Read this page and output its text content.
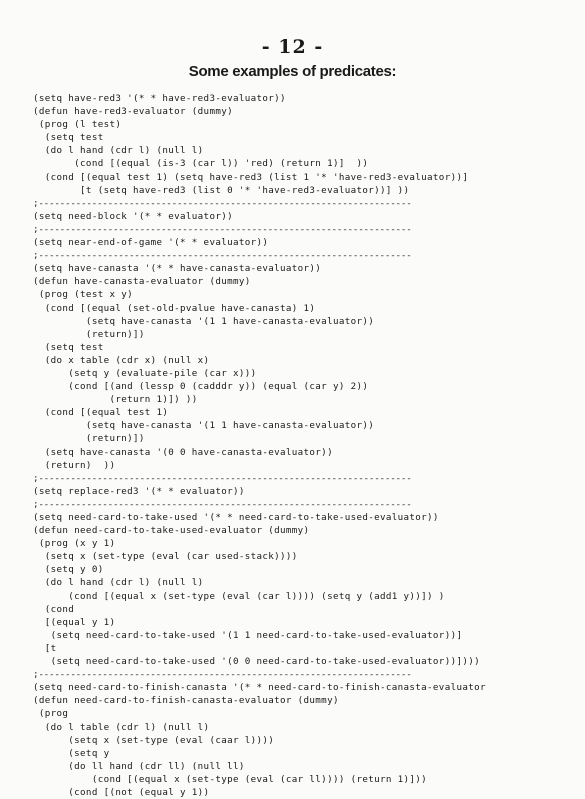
- 12 -
Some examples of predicates:
(setq have-red3 '(* * have-red3-evaluator))
(defun have-red3-evaluator (dummy)
(prog (l test)
(setq test
(do l hand (cdr l) (null l)
(cond [(equal (is-3 (car l)) 'red) (return 1)]  ))
(cond [(equal test 1) (setq have-red3 (list 1 '* 'have-red3-evaluator))]
[t (setq have-red3 (list 0 '* 'have-red3-evaluator))] ))
;----------------------------------------------------------------------
(setq need-block '(* * evaluator))
;----------------------------------------------------------------------
(setq near-end-of-game '(* * evaluator))
;----------------------------------------------------------------------
(setq have-canasta '(* * have-canasta-evaluator))
(defun have-canasta-evaluator (dummy)
(prog (test x y)
(cond [(equal (set-old-pvalue have-canasta) 1)
(setq have-canasta '(1 1 have-canasta-evaluator))
(return)])
(setq test
(do x table (cdr x) (null x)
(setq y (evaluate-pile (car x)))
(cond [(and (lessp 0 (cadddr y)) (equal (car y) 2))
(return 1)]) ))
(cond [(equal test 1)
(setq have-canasta '(1 1 have-canasta-evaluator))
(return)])
(setq have-canasta '(0 0 have-canasta-evaluator))
(return)  ))
;----------------------------------------------------------------------
(setq replace-red3 '(* * evaluator))
;----------------------------------------------------------------------
(setq need-card-to-take-used '(* * need-card-to-take-used-evaluator))
(defun need-card-to-take-used-evaluator (dummy)
(prog (x y 1)
(setq x (set-type (eval (car used-stack))))
(setq y 0)
(do l hand (cdr l) (null l)
(cond [(equal x (set-type (eval (car l)))) (setq y (add1 y))]) )
(cond
[(equal y 1)
(setq need-card-to-take-used '(1 1 need-card-to-take-used-evaluator))]
[t
(setq need-card-to-take-used '(0 0 need-card-to-take-used-evaluator))])))
;----------------------------------------------------------------------
(setq need-card-to-finish-canasta '(* * need-card-to-finish-canasta-evaluator
(defun need-card-to-finish-canasta-evaluator (dummy)
(prog
(do l table (cdr l) (null l)
(setq x (set-type (eval (caar l))))
(setq y
(do ll hand (cdr ll) (null ll)
(cond [(equal x (set-type (eval (car ll)))) (return 1)]))
(cond [(not (equal y 1))
